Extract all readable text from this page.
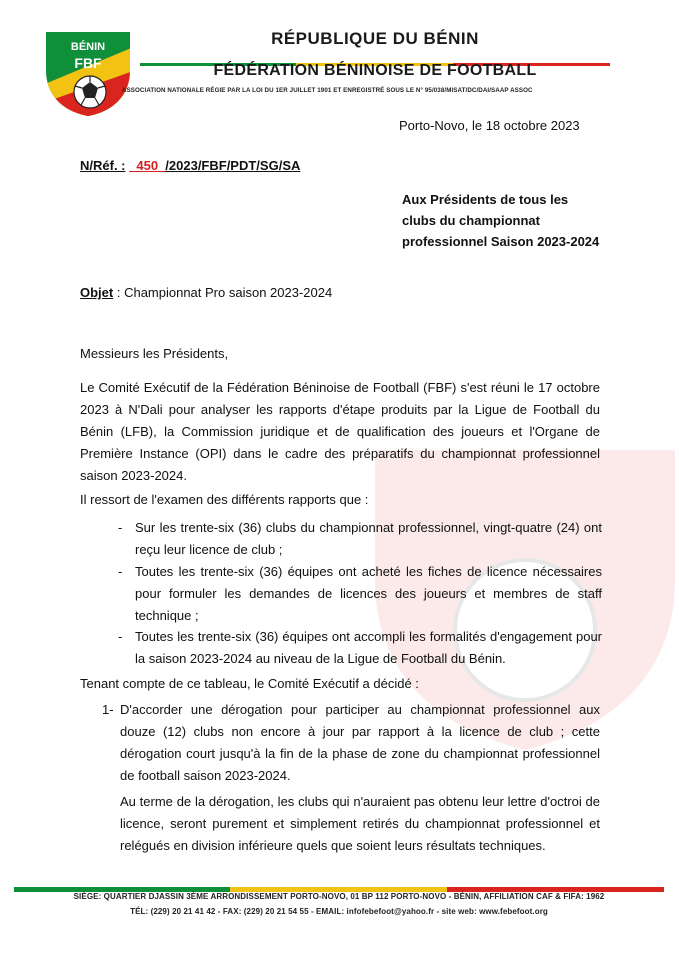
BÉNIN
FBF
RÉPUBLIQUE DU BÉNIN
FÉDÉRATION BÉNINOISE DE FOOTBALL
ASSOCIATION NATIONALE RÉGIE PAR LA LOI DU 1ER JUILLET 1901 ET ENREGISTRÉ SOUS LE N° 95/038/MISAT/DC/DAI/SAAP ASSOC
Porto-Novo, le 18 octobre 2023
N/Réf. : _450_/2023/FBF/PDT/SG/SA
Aux Présidents de tous les clubs du championnat professionnel Saison 2023-2024
Objet : Championnat Pro saison 2023-2024
Messieurs les Présidents,
Le Comité Exécutif de la Fédération Béninoise de Football (FBF) s'est réuni le 17 octobre 2023 à N'Dali pour analyser les rapports d'étape produits par la Ligue de Football du Bénin (LFB), la Commission juridique et de qualification des joueurs et l'Organe de Première Instance (OPI) dans le cadre des préparatifs du championnat professionnel saison 2023-2024.
Il ressort de l'examen des différents rapports que :
- Sur les trente-six (36) clubs du championnat professionnel, vingt-quatre (24) ont reçu leur licence de club ;
- Toutes les trente-six (36) équipes ont acheté les fiches de licence nécessaires pour formuler les demandes de licences des joueurs et membres de staff technique ;
- Toutes les trente-six (36) équipes ont accompli les formalités d'engagement pour la saison 2023-2024 au niveau de la Ligue de Football du Bénin.
Tenant compte de ce tableau, le Comité Exécutif a décidé :
1- D'accorder une dérogation pour participer au championnat professionnel aux douze (12) clubs non encore à jour par rapport à la licence de club ; cette dérogation court jusqu'à la fin de la phase de zone du championnat professionnel de football saison 2023-2024.
Au terme de la dérogation, les clubs qui n'auraient pas obtenu leur lettre d'octroi de licence, seront purement et simplement retirés du championnat professionnel et relégués en division inférieure quels que soient leurs résultats techniques.
SIÈGE: QUARTIER DJASSIN 3ÈME ARRONDISSEMENT PORTO-NOVO, 01 BP 112 PORTO-NOVO - BÉNIN, AFFILIATION CAF & FIFA: 1962
TÉL: (229) 20 21 41 42 - FAX: (229) 20 21 54 55 - EMAIL: infofebefoot@yahoo.fr - site web: www.febefoot.org
